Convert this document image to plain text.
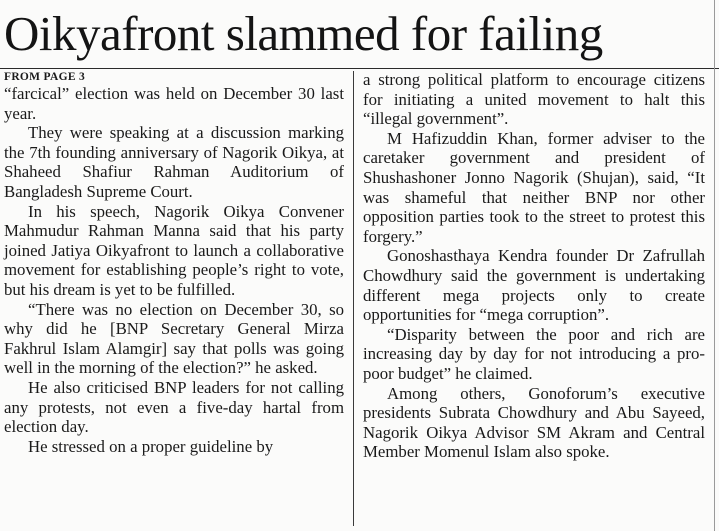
Oikyafront slammed for failing
FROM PAGE 3

“farcical” election was held on December 30 last year.

They were speaking at a discussion marking the 7th founding anniversary of Nagorik Oikya, at Shaheed Shafiur Rahman Auditorium of Bangladesh Supreme Court.

In his speech, Nagorik Oikya Convener Mahmudur Rahman Manna said that his party joined Jatiya Oikyafront to launch a collaborative movement for establishing people’s right to vote, but his dream is yet to be fulfilled.

“There was no election on December 30, so why did he [BNP Secretary General Mirza Fakhrul Islam Alamgir] say that polls was going well in the morning of the election?” he asked.

He also criticised BNP leaders for not calling any protests, not even a five-day hartal from election day.

He stressed on a proper guideline by

a strong political platform to encourage citizens for initiating a united movement to halt this “illegal government”.

M Hafizuddin Khan, former adviser to the caretaker government and president of Shushashoner Jonno Nagorik (Shujan), said, “It was shameful that neither BNP nor other opposition parties took to the street to protest this forgery.”

Gonoshasthaya Kendra founder Dr Zafrullah Chowdhury said the government is undertaking different mega projects only to create opportunities for “mega corruption”.

“Disparity between the poor and rich are increasing day by day for not introducing a pro-poor budget” he claimed.

Among others, Gonoforum’s executive presidents Subrata Chowdhury and Abu Sayeed, Nagorik Oikya Advisor SM Akram and Central Member Momenul Islam also spoke.
